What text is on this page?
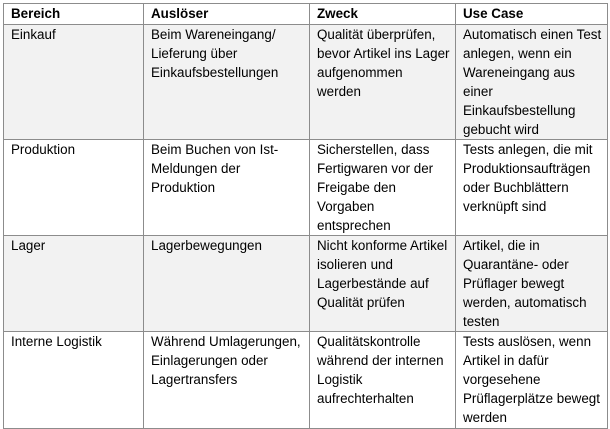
Bereich	Auslöser	Zweck	Use Case
Einkauf	Beim Wareneingang/ Lieferung über Einkaufsbestellungen	Qualität überprüfen, bevor Artikel ins Lager aufgenommen werden	Automatisch einen Test anlegen, wenn ein Wareneingang aus einer Einkaufsbestellung gebucht wird
Produktion	Beim Buchen von Ist-Meldungen der Produktion	Sicherstellen, dass Fertigwaren vor der Freigabe den Vorgaben entsprechen	Tests anlegen, die mit Produktionsaufträgen oder Buchblättern verknüpft sind
Lager	Lagerbewegungen	Nicht konforme Artikel isolieren und Lagerbestände auf Qualität prüfen	Artikel, die in Quarantäne- oder Prüflager bewegt werden, automatisch testen
Interne Logistik	Während Umlagerungen, Einlagerungen oder Lagertransfers	Qualitätskontrolle während der internen Logistik aufrechterhalten	Tests auslösen, wenn Artikel in dafür vorgesehene Prüflagerplätze bewegt werden
